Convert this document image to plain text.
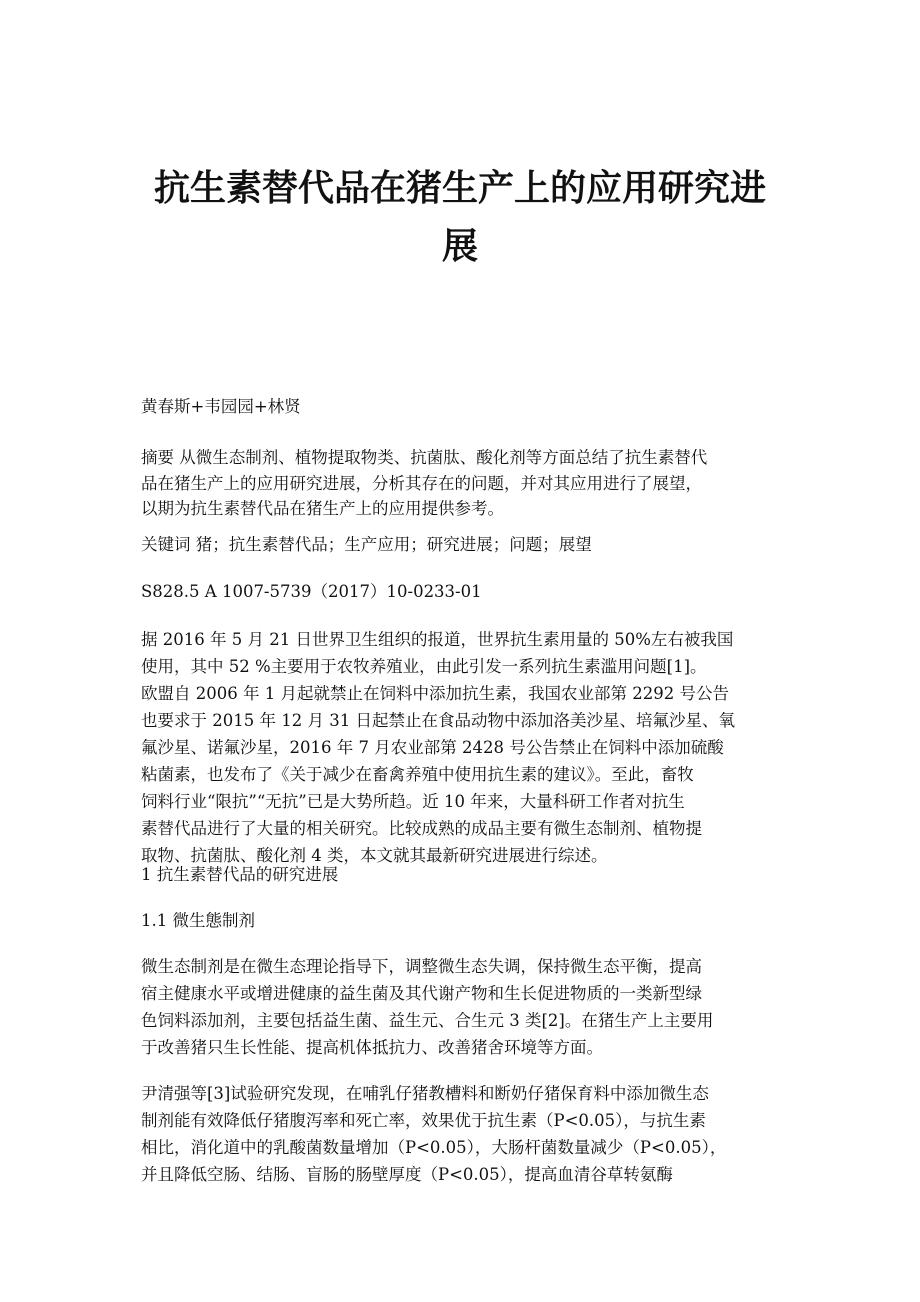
抗生素替代品在猪生产上的应用研究进
展
黄春斯+韦园园+林贤
摘要 从微生态制剂、植物提取物类、抗菌肽、酸化剂等方面总结了抗生素替代
品在猪生产上的应用研究进展，分析其存在的问题，并对其应用进行了展望，
以期为抗生素替代品在猪生产上的应用提供参考。
关键词 猪；抗生素替代品；生产应用；研究进展；问题；展望
S828.5 A 1007-5739（2017）10-0233-01
据 2016 年 5 月 21 日世界卫生组织的报道，世界抗生素用量的 50%左右被我国
使用，其中 52 %主要用于农牧养殖业，由此引发一系列抗生素滥用问题[1]。
欧盟自 2006 年 1 月起就禁止在饲料中添加抗生素，我国农业部第 2292 号公告
也要求于 2015 年 12 月 31 日起禁止在食品动物中添加洛美沙星、培氟沙星、氧
氟沙星、诺氟沙星，2016 年 7 月农业部第 2428 号公告禁止在饲料中添加硫酸
粘菌素，也发布了《关于减少在畜禽养殖中使用抗生素的建议》。至此，畜牧
饲料行业“限抗”“无抗”已是大势所趋。近 10 年来，大量科研工作者对抗生
素替代品进行了大量的相关研究。比较成熟的成品主要有微生态制剂、植物提
取物、抗菌肽、酸化剂 4 类，本文就其最新研究进展进行综述。
1 抗生素替代品的研究进展
1.1 微生態制剂
微生态制剂是在微生态理论指导下，调整微生态失调，保持微生态平衡，提高
宿主健康水平或增进健康的益生菌及其代谢产物和生长促进物质的一类新型绿
色饲料添加剂，主要包括益生菌、益生元、合生元 3 类[2]。在猪生产上主要用
于改善猪只生长性能、提高机体抵抗力、改善猪舍环境等方面。
尹清强等[3]试验研究发现，在哺乳仔猪教槽料和断奶仔猪保育料中添加微生态
制剂能有效降低仔猪腹泻率和死亡率，效果优于抗生素（P<0.05），与抗生素
相比，消化道中的乳酸菌数量增加（P<0.05），大肠杆菌数量减少（P<0.05），
并且降低空肠、结肠、盲肠的肠壁厚度（P<0.05），提高血清谷草转氨酶
